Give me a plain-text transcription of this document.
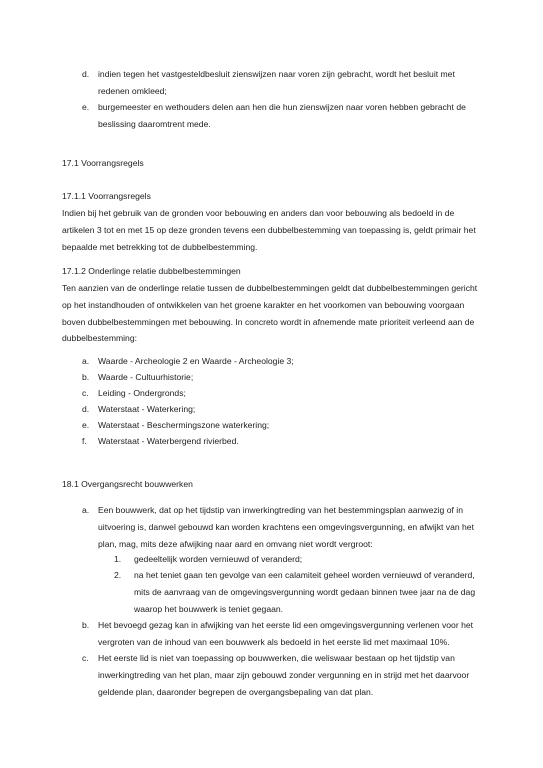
d. indien tegen het vastgesteldbesluit zienswijzen naar voren zijn gebracht, wordt het besluit met redenen omkleed;
e. burgemeester en wethouders delen aan hen die hun zienswijzen naar voren hebben gebracht de beslissing daaromtrent mede.
17.1 Voorrangsregels
17.1.1 Voorrangsregels

Indien bij het gebruik van de gronden voor bebouwing en anders dan voor bebouwing als bedoeld in de artikelen 3 tot en met 15 op deze gronden tevens een dubbelbestemming van toepassing is, geldt primair het bepaalde met betrekking tot de dubbelbestemming.

17.1.2 Onderlinge relatie dubbelbestemmingen

Ten aanzien van de onderlinge relatie tussen de dubbelbestemmingen geldt dat dubbelbestemmingen gericht op het instandhouden of ontwikkelen van het groene karakter en het voorkomen van bebouwing voorgaan boven dubbelbestemmingen met bebouwing. In concreto wordt in afnemende mate prioriteit verleend aan de dubbelbestemming:

a. Waarde - Archeologie 2 en Waarde - Archeologie 3;
b. Waarde - Cultuurhistorie;
c. Leiding - Ondergronds;
d. Waterstaat - Waterkering;
e. Waterstaat - Beschermingszone waterkering;
f. Waterstaat - Waterbergend rivierbed.
18.1 Overgangsrecht bouwwerken
a. Een bouwwerk, dat op het tijdstip van inwerkingtreding van het bestemmingsplan aanwezig of in uitvoering is, danwel gebouwd kan worden krachtens een omgevingsvergunning, en afwijkt van het plan, mag, mits deze afwijking naar aard en omvang niet wordt vergroot:
1. gedeeltelijk worden vernieuwd of veranderd;
2. na het teniet gaan ten gevolge van een calamiteit geheel worden vernieuwd of veranderd, mits de aanvraag van de omgevingsvergunning wordt gedaan binnen twee jaar na de dag waarop het bouwwerk is teniet gegaan.
b. Het bevoegd gezag kan in afwijking van het eerste lid een omgevingsvergunning verlenen voor het vergroten van de inhoud van een bouwwerk als bedoeld in het eerste lid met maximaal 10%.
c. Het eerste lid is niet van toepassing op bouwwerken, die weliswaar bestaan op het tijdstip van inwerkingtreding van het plan, maar zijn gebouwd zonder vergunning en in strijd met het daarvoor geldende plan, daaronder begrepen de overgangsbepaling van dat plan.
